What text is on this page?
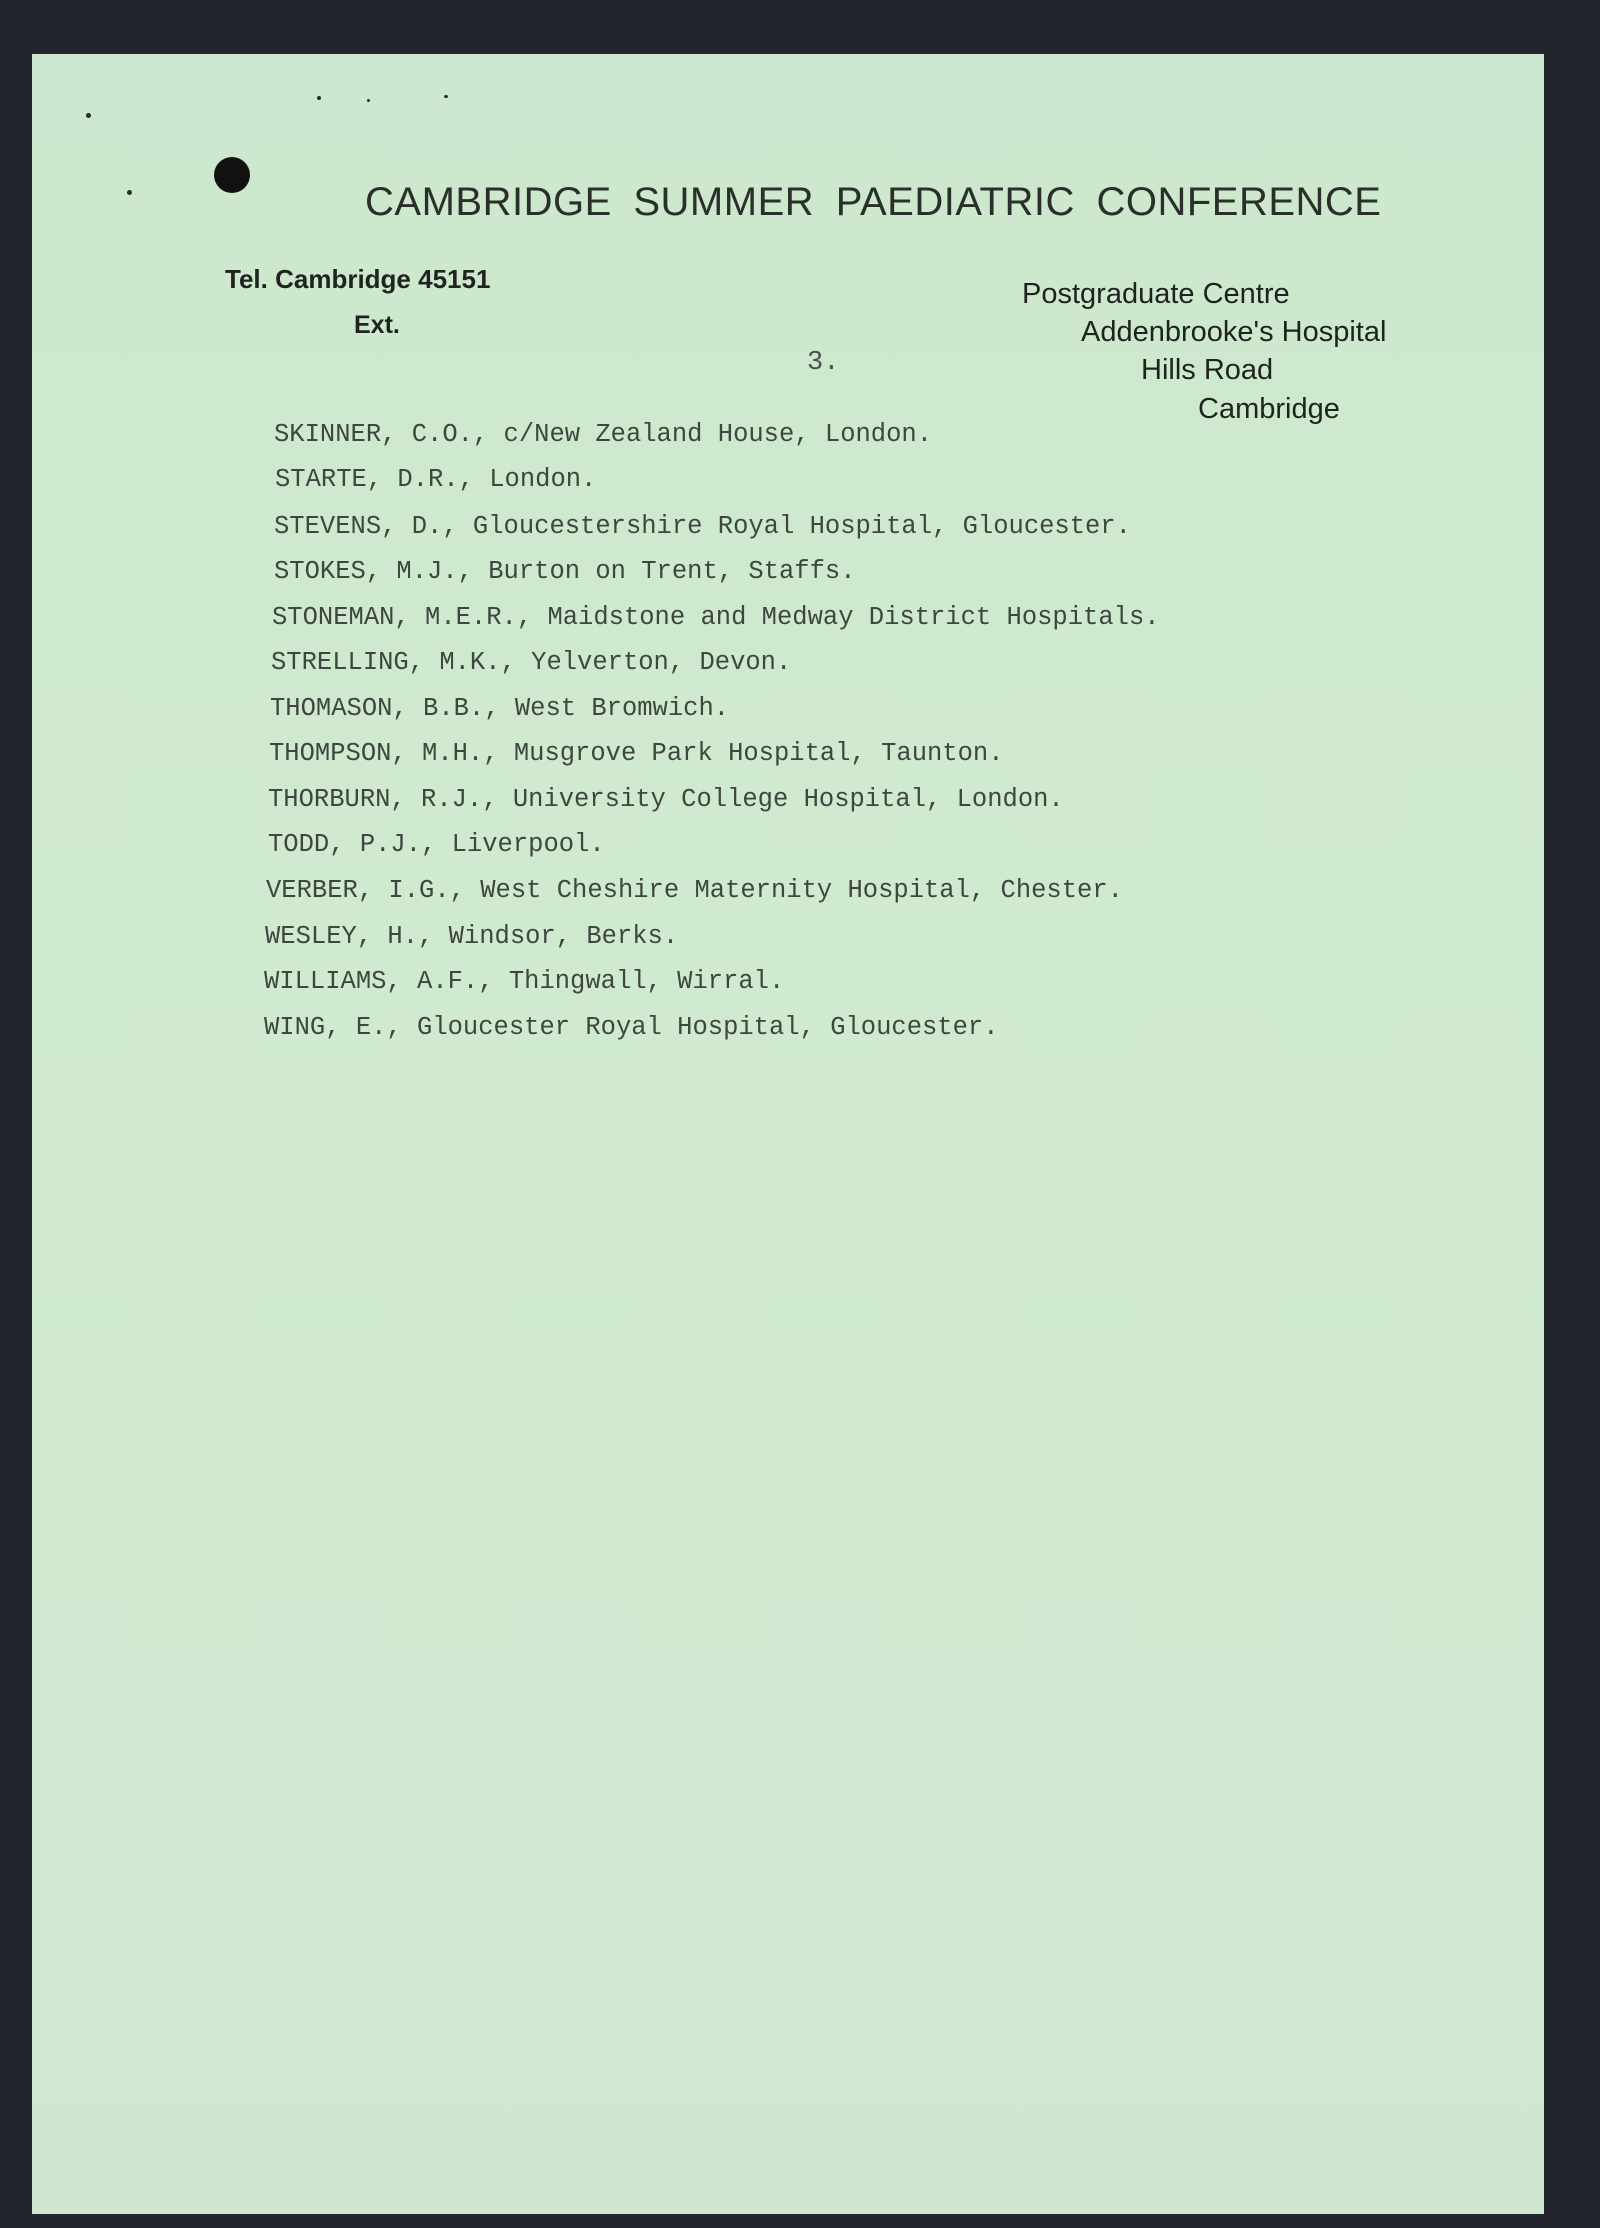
CAMBRIDGE SUMMER PAEDIATRIC CONFERENCE
Tel. Cambridge 45151
Ext.
Postgraduate Centre
Addenbrooke's Hospital
Hills Road
Cambridge
3.
SKINNER, C.O., c/New Zealand House, London.
STARTE, D.R., London.
STEVENS, D., Gloucestershire Royal Hospital, Gloucester.
STOKES, M.J., Burton on Trent, Staffs.
STONEMAN, M.E.R., Maidstone and Medway District Hospitals.
STRELLING, M.K., Yelverton, Devon.
THOMASON, B.B., West Bromwich.
THOMPSON, M.H., Musgrove Park Hospital, Taunton.
THORBURN, R.J., University College Hospital, London.
TODD, P.J., Liverpool.
VERBER, I.G., West Cheshire Maternity Hospital, Chester.
WESLEY, H., Windsor, Berks.
WILLIAMS, A.F., Thingwall, Wirral.
WING, E., Gloucester Royal Hospital, Gloucester.
